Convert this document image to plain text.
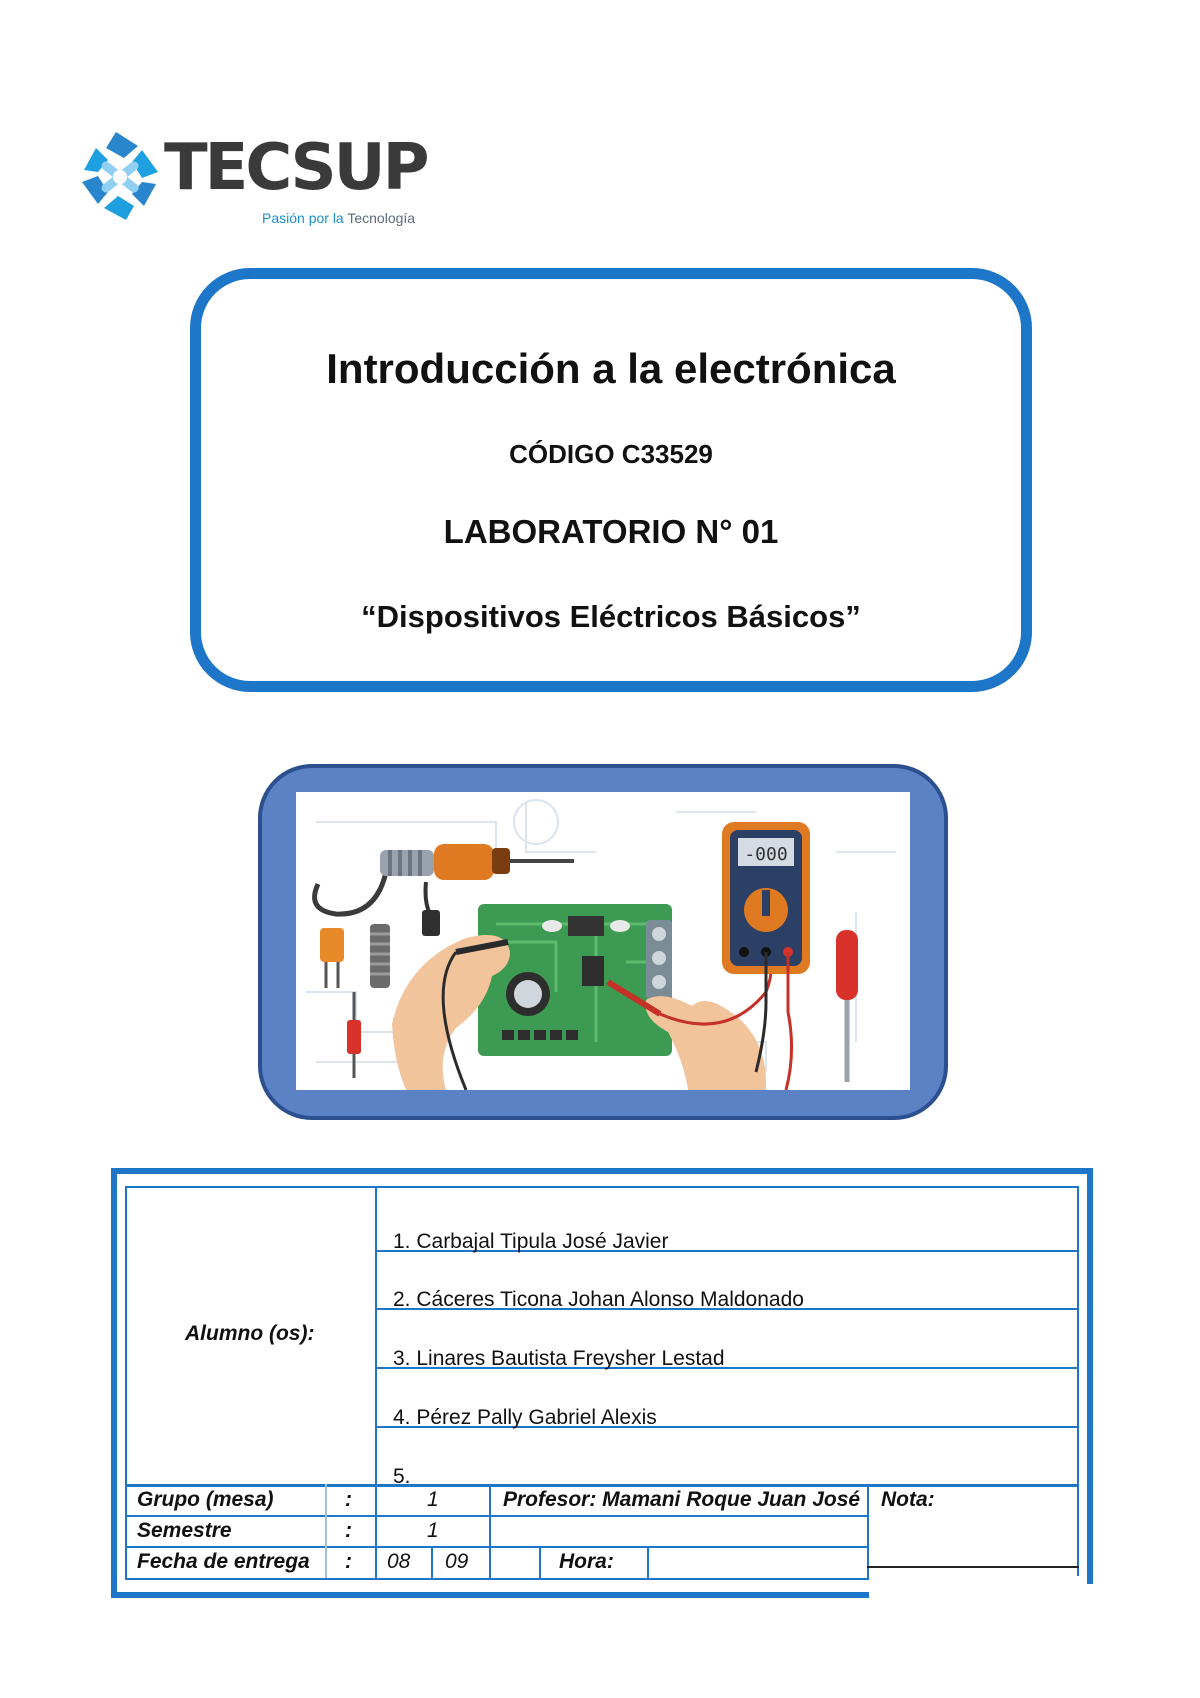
TECSUP
Pasión por la Tecnología
Introducción a la electrónica
CÓDIGO C33529
LABORATORIO N° 01
“Dispositivos Eléctricos Básicos”
-000
Alumno (os):
1. Carbajal Tipula José Javier
2. Cáceres Ticona Johan Alonso Maldonado
3. Linares Bautista Freysher Lestad
4. Pérez Pally Gabriel Alexis
5.
Grupo (mesa)	:	1	Profesor: Mamani Roque Juan José Nota:
Semestre	:	1
Fecha de entrega : 08 09	Hora:
